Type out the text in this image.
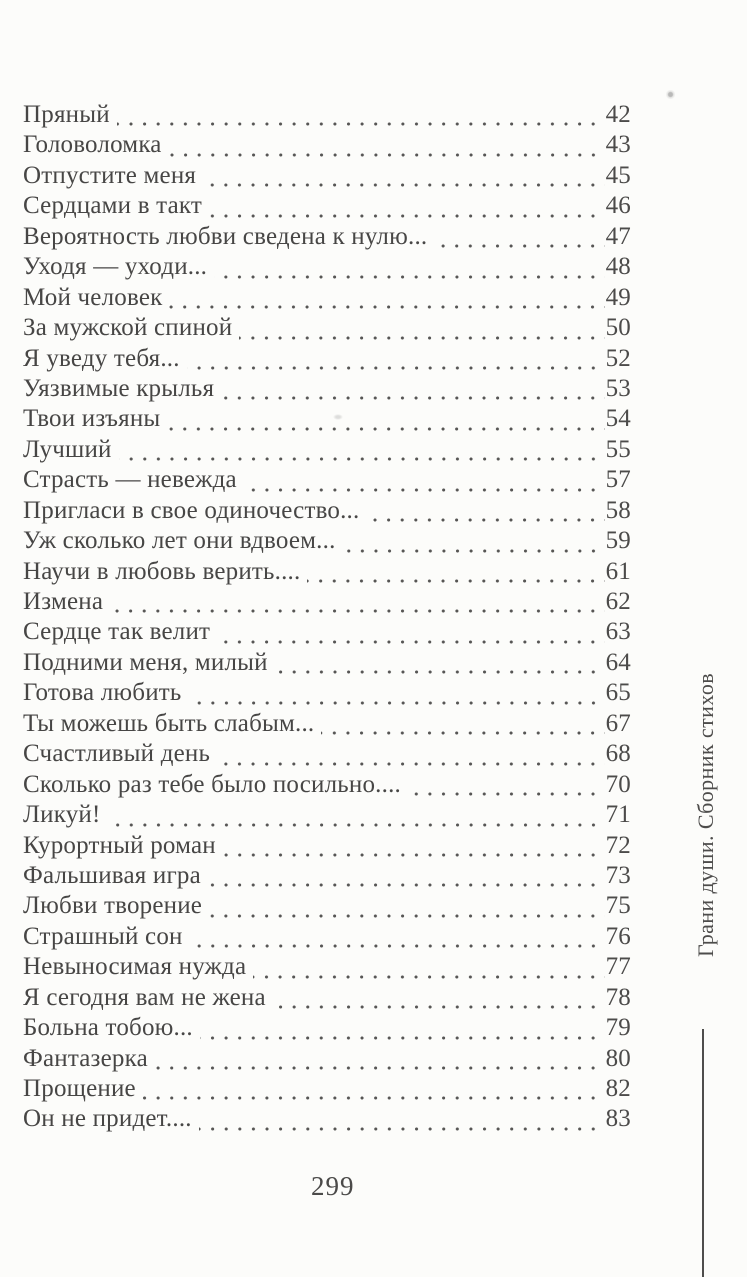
Пряный	42
Головоломка	43
Отпустите меня	45
Сердцами в такт	46
Вероятность любви сведена к нулю...	47
Уходя — уходи...	48
Мой человек	49
За мужской спиной	50
Я уведу тебя...	52
Уязвимые крылья	53
Твои изъяны	54
Лучший	55
Страсть — невежда	57
Пригласи в свое одиночество...	58
Уж сколько лет они вдвоем...	59
Научи в любовь верить....	61
Измена	62
Сердце так велит	63
Подними меня, милый	64
Готова любить	65
Ты можешь быть слабым...	67
Счастливый день	68
Сколько раз тебе было посильно....	70
Ликуй!	71
Курортный роман	72
Фальшивая игра	73
Любви творение	75
Страшный сон	76
Невыносимая нужда	77
Я сегодня вам не жена	78
Больна тобою...	79
Фантазерка	80
Прощение	82
Он не придет....	83
Грани души. Сборник стихов
299
